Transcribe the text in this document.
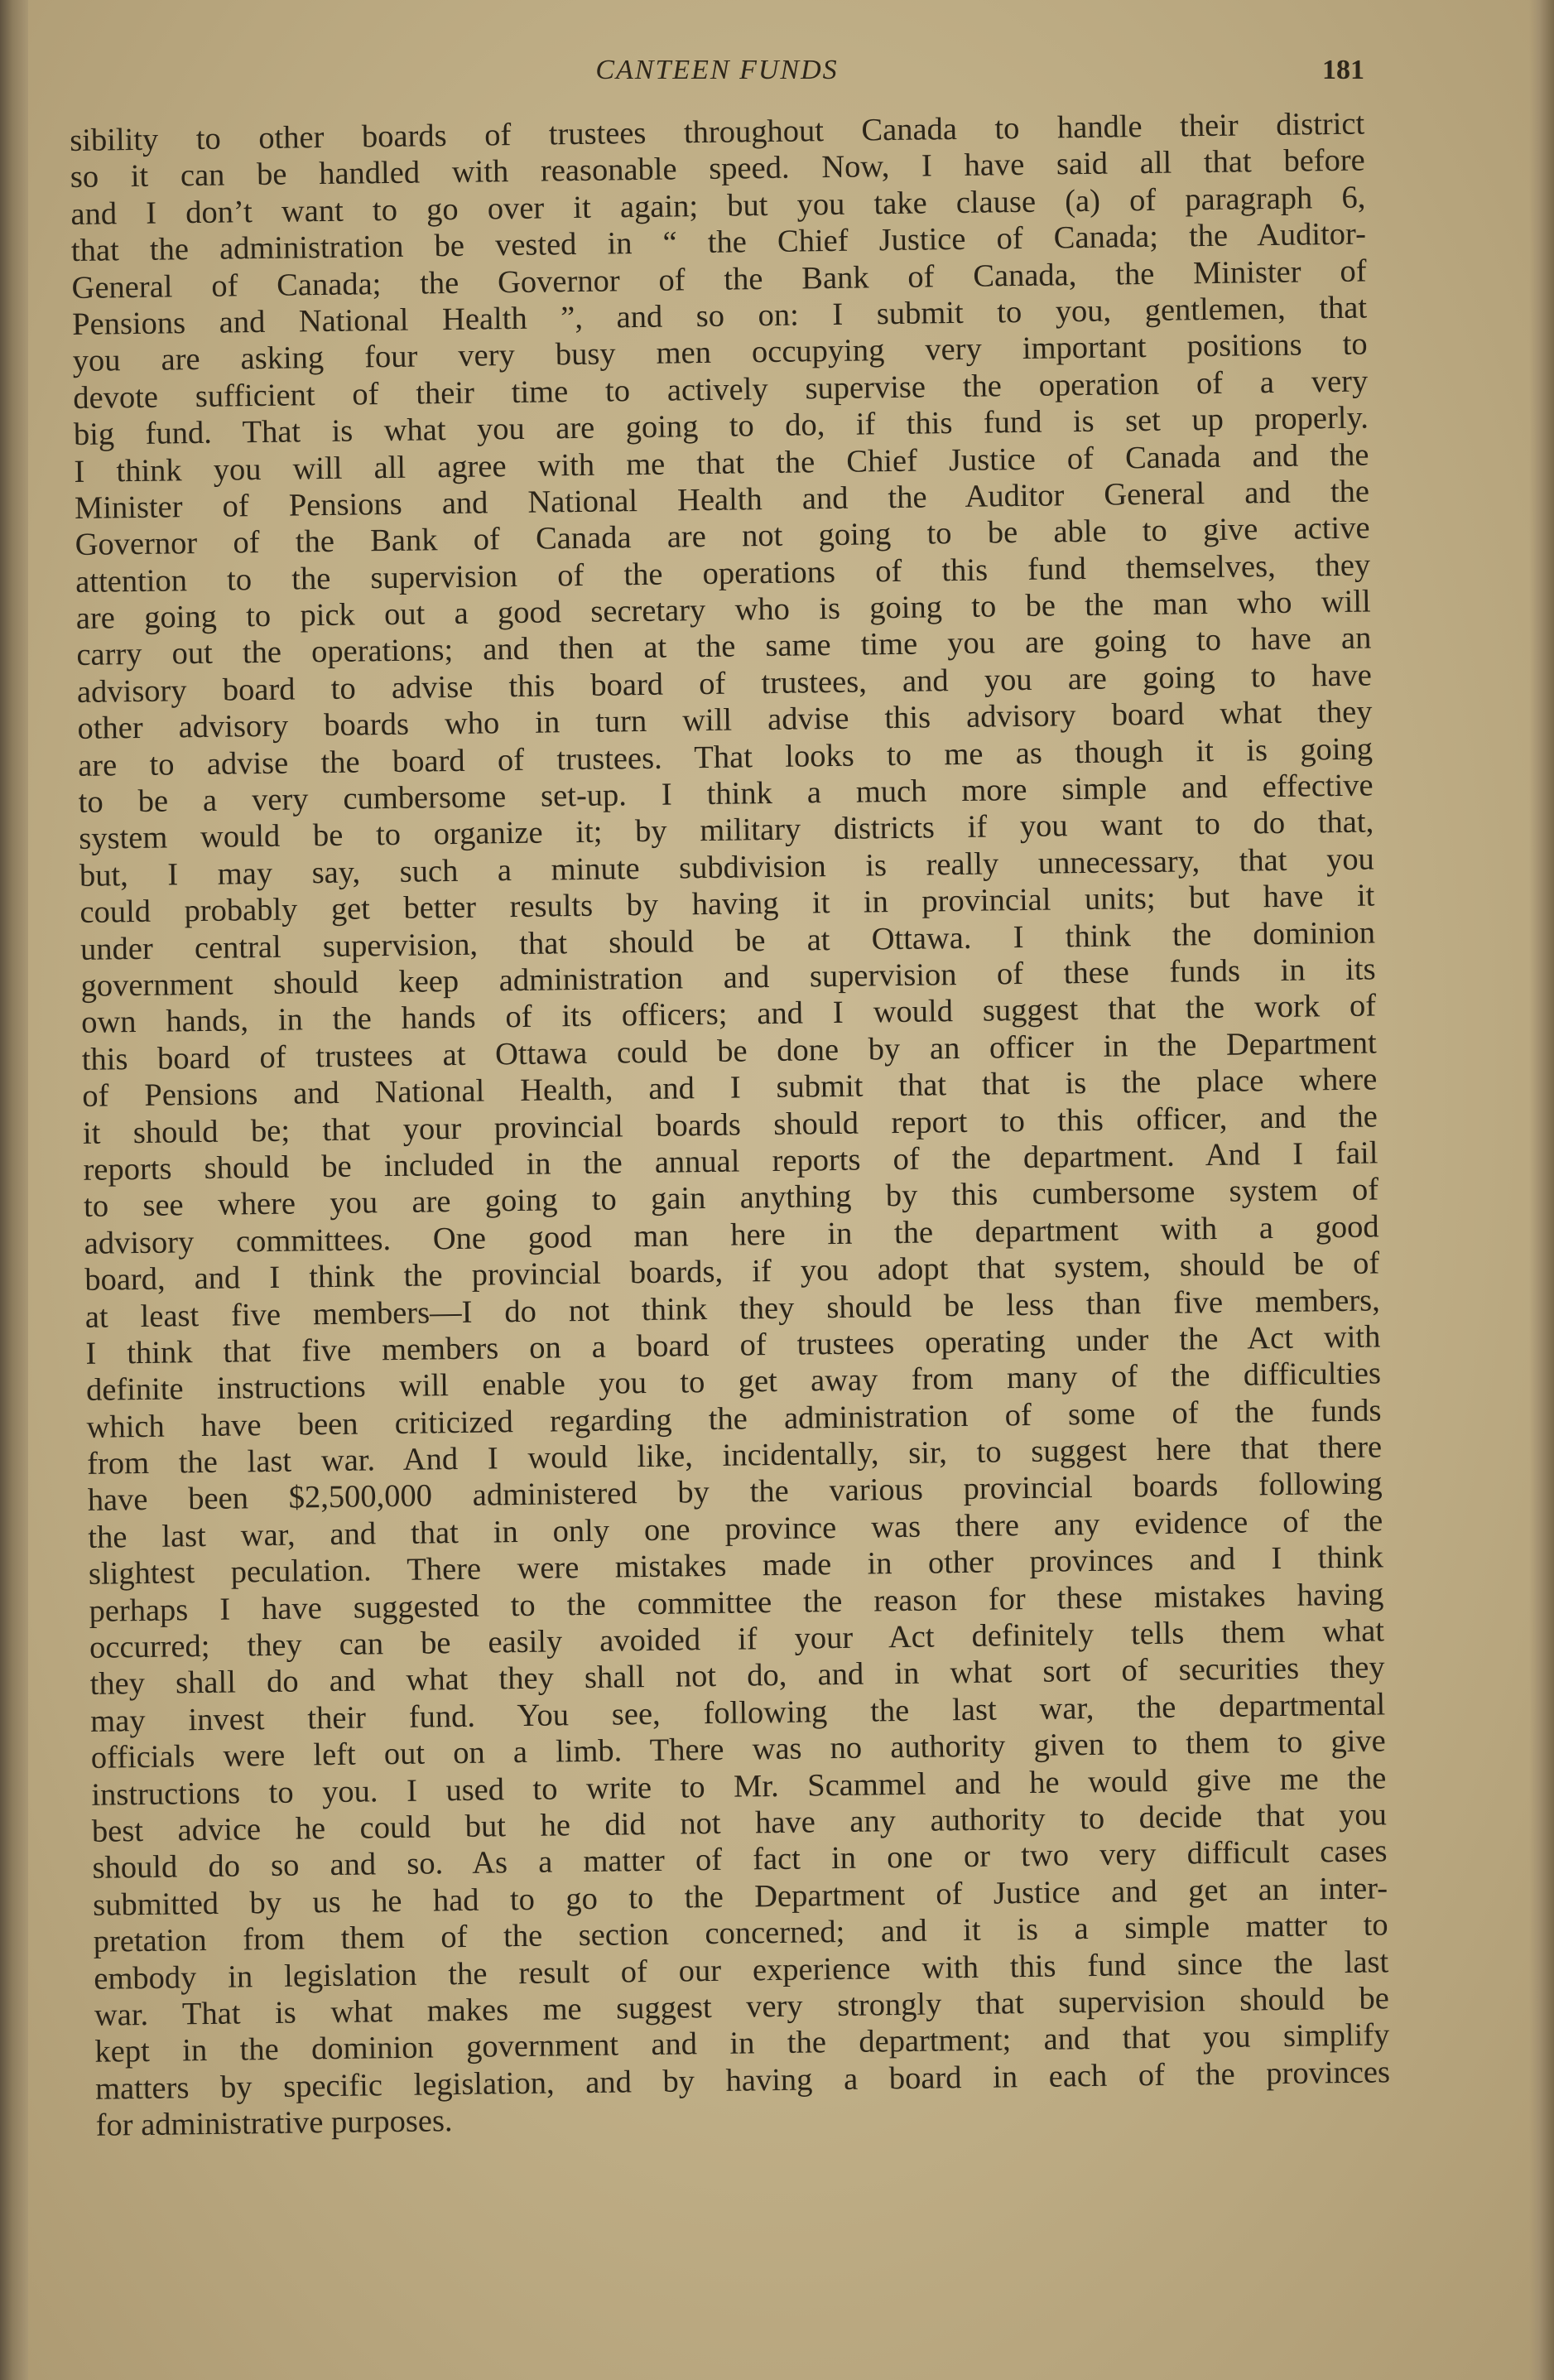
CANTEEN FUNDS	181
sibility to other boards of trustees throughout Canada to handle their district
so it can be handled with reasonable speed. Now, I have said all that before
and I don’t want to go over it again; but you take clause (a) of paragraph 6,
that the administration be vested in “ the Chief Justice of Canada; the Auditor-
General of Canada; the Governor of the Bank of Canada, the Minister of
Pensions and National Health ”, and so on: I submit to you, gentlemen, that
you are asking four very busy men occupying very important positions to
devote sufficient of their time to actively supervise the operation of a very
big fund. That is what you are going to do, if this fund is set up properly.
I think you will all agree with me that the Chief Justice of Canada and the
Minister of Pensions and National Health and the Auditor General and the
Governor of the Bank of Canada are not going to be able to give active
attention to the supervision of the operations of this fund themselves, they
are going to pick out a good secretary who is going to be the man who will
carry out the operations; and then at the same time you are going to have an
advisory board to advise this board of trustees, and you are going to have
other advisory boards who in turn will advise this advisory board what they
are to advise the board of trustees. That looks to me as though it is going
to be a very cumbersome set-up. I think a much more simple and effective
system would be to organize it; by military districts if you want to do that,
but, I may say, such a minute subdivision is really unnecessary, that you
could probably get better results by having it in provincial units; but have it
under central supervision, that should be at Ottawa. I think the dominion
government should keep administration and supervision of these funds in its
own hands, in the hands of its officers; and I would suggest that the work of
this board of trustees at Ottawa could be done by an officer in the Department
of Pensions and National Health, and I submit that that is the place where
it should be; that your provincial boards should report to this officer, and the
reports should be included in the annual reports of the department. And I fail
to see where you are going to gain anything by this cumbersome system of
advisory committees. One good man here in the department with a good
board, and I think the provincial boards, if you adopt that system, should be of
at least five members—I do not think they should be less than five members,
I think that five members on a board of trustees operating under the Act with
definite instructions will enable you to get away from many of the difficulties
which have been criticized regarding the administration of some of the funds
from the last war. And I would like, incidentally, sir, to suggest here that there
have been $2,500,000 administered by the various provincial boards following
the last war, and that in only one province was there any evidence of the
slightest peculation. There were mistakes made in other provinces and I think
perhaps I have suggested to the committee the reason for these mistakes having
occurred; they can be easily avoided if your Act definitely tells them what
they shall do and what they shall not do, and in what sort of securities they
may invest their fund. You see, following the last war, the departmental
officials were left out on a limb. There was no authority given to them to give
instructions to you. I used to write to Mr. Scammel and he would give me the
best advice he could but he did not have any authority to decide that you
should do so and so. As a matter of fact in one or two very difficult cases
submitted by us he had to go to the Department of Justice and get an inter-
pretation from them of the section concerned; and it is a simple matter to
embody in legislation the result of our experience with this fund since the last
war. That is what makes me suggest very strongly that supervision should be
kept in the dominion government and in the department; and that you simplify
matters by specific legislation, and by having a board in each of the provinces
for administrative purposes.
